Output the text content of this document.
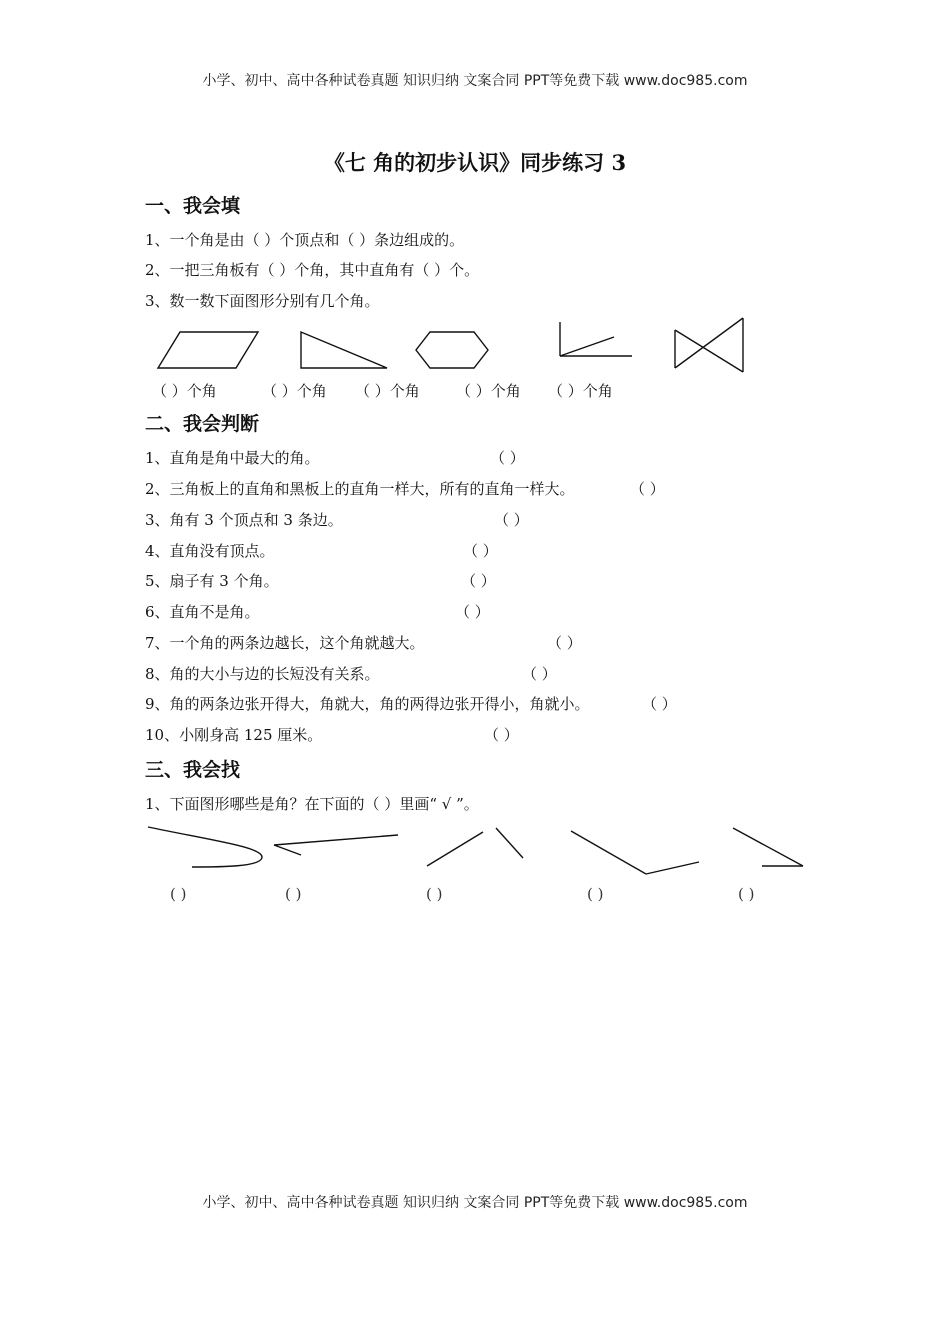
小学、初中、高中各种试卷真题 知识归纳 文案合同 PPT等免费下载 www.doc985.com
《七 角的初步认识》同步练习 3
一、我会填
1、一个角是由（ ）个顶点和（ ）条边组成的。
2、一把三角板有（ ）个角，其中直角有（ ）个。
3、数一数下面图形分别有几个角。
（ ）个角	（ ）个角 （ ）个角 （ ）个角 （ ）个角
二、我会判断
1、直角是角中最大的角。	（ ）
2、三角板上的直角和黑板上的直角一样大，所有的直角一样大。	（ ）
3、角有 3 个顶点和 3 条边。	（ ）
4、直角没有顶点。	（ ）
5、扇子有 3 个角。	（ ）
6、直角不是角。	（ ）
7、一个角的两条边越长，这个角就越大。	（ ）
8、角的大小与边的长短没有关系。	（ ）
9、角的两条边张开得大，角就大，角的两得边张开得小，角就小。	（ ）
10、小刚身高 125 厘米。	（ ）
三、我会找
1、下面图形哪些是角？在下面的（ ）里画“ √ ”。
( )	( )	( )	( )	( )
小学、初中、高中各种试卷真题 知识归纳 文案合同 PPT等免费下载 www.doc985.com
